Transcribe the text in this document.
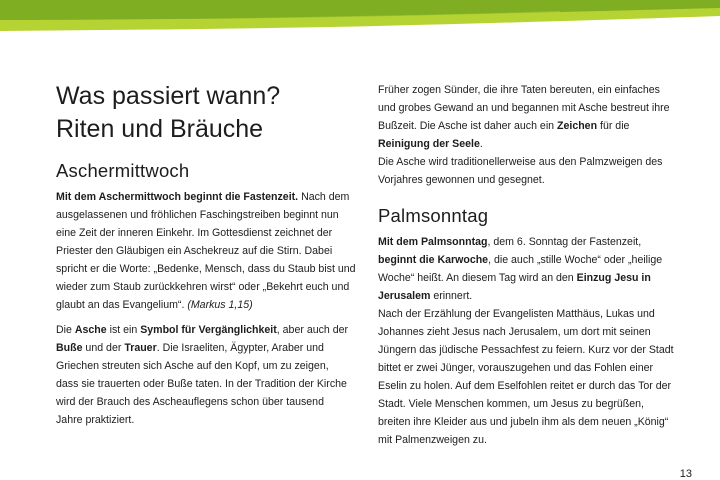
Was passiert wann?
Riten und Bräuche
Aschermittwoch

Mit dem Aschermittwoch beginnt die Fastenzeit. Nach dem ausgelassenen und fröhlichen Faschingstreiben beginnt nun eine Zeit der inneren Einkehr. Im Gottesdienst zeichnet der Priester den Gläubigen ein Aschekreuz auf die Stirn. Dabei spricht er die Worte: „Bedenke, Mensch, dass du Staub bist und wieder zum Staub zurückkehren wirst“ oder „Bekehrt euch und glaubt an das Evangelium“. (Markus 1,15)

Die Asche ist ein Symbol für Vergänglichkeit, aber auch der Buße und der Trauer. Die Israeliten, Ägypter, Araber und Griechen streuten sich Asche auf den Kopf, um zu zeigen, dass sie trauerten oder Buße taten. In der Tradition der Kirche wird der Brauch des Ascheauflegens schon über tausend Jahre praktiziert.

Früher zogen Sünder, die ihre Taten bereuten, ein einfaches und grobes Gewand an und begannen mit Asche bestreut ihre Bußzeit. Die Asche ist daher auch ein Zeichen für die Reinigung der Seele.

Die Asche wird traditionellerweise aus den Palmzweigen des Vorjahres gewonnen und gesegnet.

Palmsonntag

Mit dem Palmsonntag, dem 6. Sonntag der Fastenzeit, beginnt die Karwoche, die auch „stille Woche“ oder „heilige Woche“ heißt. An diesem Tag wird an den Einzug Jesu in Jerusalem erinnert.

Nach der Erzählung der Evangelisten Matthäus, Lukas und Johannes zieht Jesus nach Jerusalem, um dort mit seinen Jüngern das jüdische Pessachfest zu feiern. Kurz vor der Stadt bittet er zwei Jünger, vorauszugehen und das Fohlen einer Eselin zu holen. Auf dem Eselfohlen reitet er durch das Tor der Stadt. Viele Menschen kommen, um Jesus zu begrüßen, breiten ihre Kleider aus und jubeln ihm als dem neuen „König“ mit Palmenzweigen zu.

13
